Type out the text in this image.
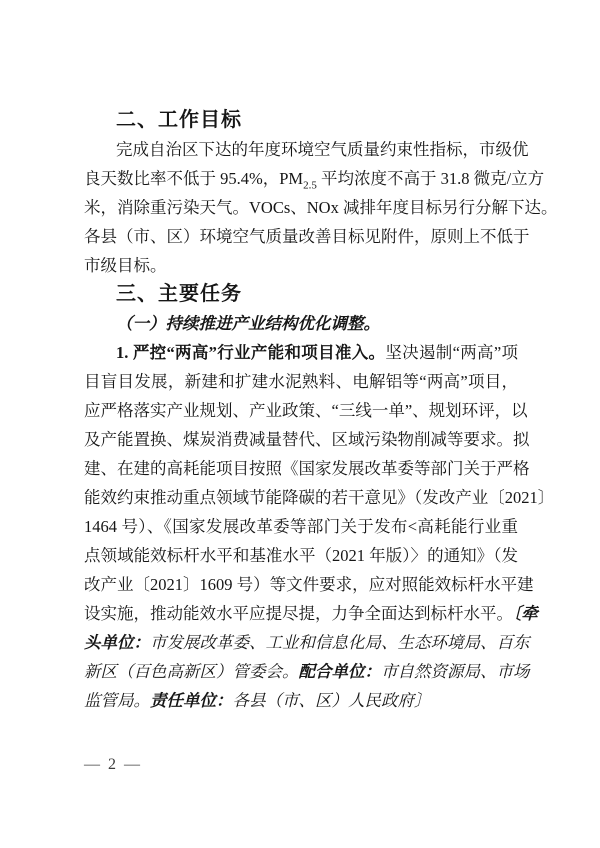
二、工作目标
完成自治区下达的年度环境空气质量约束性指标，市级优
良天数比率不低于 95.4%，$PM_{2.5}$ 平均浓度不高于 31.8 微克/立方
米，消除重污染天气。VOCs、NOx 减排年度目标另行分解下达。
各县（市、区）环境空气质量改善目标见附件，原则上不低于
市级目标。
三、主要任务
（一）持续推进产业结构优化调整。
1. 严控“两高”行业产能和项目准入。坚决遏制“两高”项
目盲目发展，新建和扩建水泥熟料、电解铝等“两高”项目，
应严格落实产业规划、产业政策、“三线一单”、规划环评，以
及产能置换、煤炭消费减量替代、区域污染物削减等要求。拟
建、在建的高耗能项目按照《国家发展改革委等部门关于严格
能效约束推动重点领域节能降碳的若干意见》（发改产业〔2021〕
1464 号）、《国家发展改革委等部门关于发布<高耗能行业重
点领域能效标杆水平和基准水平（2021 年版）〉的通知》（发
改产业〔2021〕1609 号）等文件要求，应对照能效标杆水平建
设实施，推动能效水平应提尽提，力争全面达到标杆水平。〔牵
头单位：市发展改革委、工业和信息化局、生态环境局、百东
新区（百色高新区）管委会。配合单位：市自然资源局、市场
监管局。责任单位：各县（市、区）人民政府〕
— 2 —
